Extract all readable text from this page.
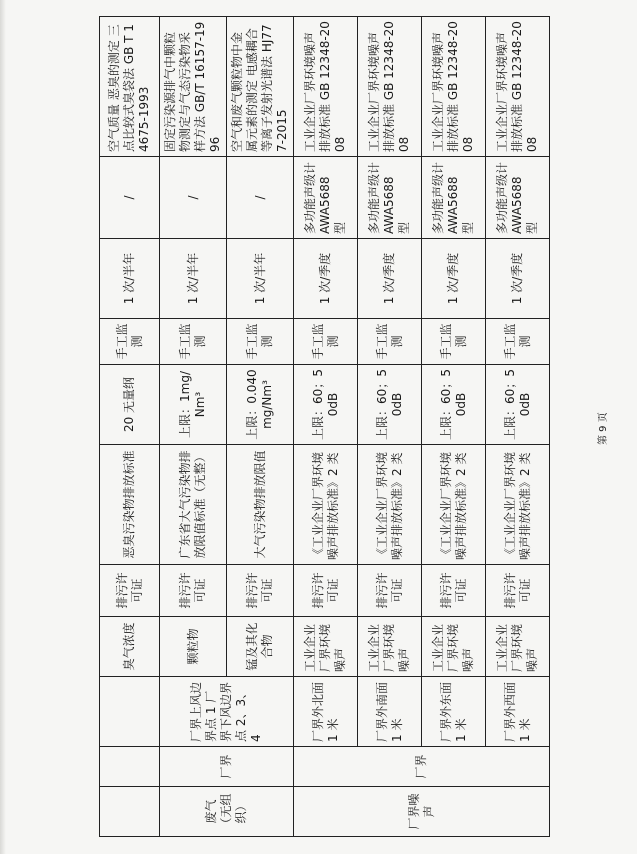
			臭气浓度	排污许可证	恶臭污染物排放标准	20 无量纲	手工监测	1 次/半年	/	空气质量 恶臭的测定 三点比较式臭袋法 GB T 14675-1993
废气（无组织）	厂界	厂界上风边界点 1 厂界下风边界点 2、3、4	颗粒物	排污许可证	广东省大气污染物排放限值标准（无整）	上限：1mg/Nm³	手工监测	1 次/半年	/	固定污染源排气中颗粒物测定与气态污染物采样方法 GB/T 16157-1996
			锰及其化合物	排污许可证	大气污染物排放限值	上限：0.040mg/Nm³	手工监测	1 次/半年	/	空气和废气颗粒物中金属元素的测定 电感耦合等离子发射光谱法 HJ777-2015
厂界噪声	厂界	厂界外北面 1 米	工业企业厂界环境噪声	排污许可证	《工业企业厂界环境噪声排放标准》2 类	上限：60；50dB	手工监测	1 次/季度	多功能声级计 AWA5688 型	工业企业厂界环境噪声排放标准 GB 12348-2008
		厂界外南面 1 米	工业企业厂界环境噪声	排污许可证	《工业企业厂界环境噪声排放标准》2 类	上限：60；50dB	手工监测	1 次/季度	多功能声级计 AWA5688 型	工业企业厂界环境噪声排放标准 GB 12348-2008
		厂界外东面 1 米	工业企业厂界环境噪声	排污许可证	《工业企业厂界环境噪声排放标准》2 类	上限：60；50dB	手工监测	1 次/季度	多功能声级计 AWA5688 型	工业企业厂界环境噪声排放标准 GB 12348-2008
		厂界外西面 1 米	工业企业厂界环境噪声	排污许可证	《工业企业厂界环境噪声排放标准》2 类	上限：60；50dB	手工监测	1 次/季度	多功能声级计 AWA5688 型	工业企业厂界环境噪声排放标准 GB 12348-2008
第 9 页
